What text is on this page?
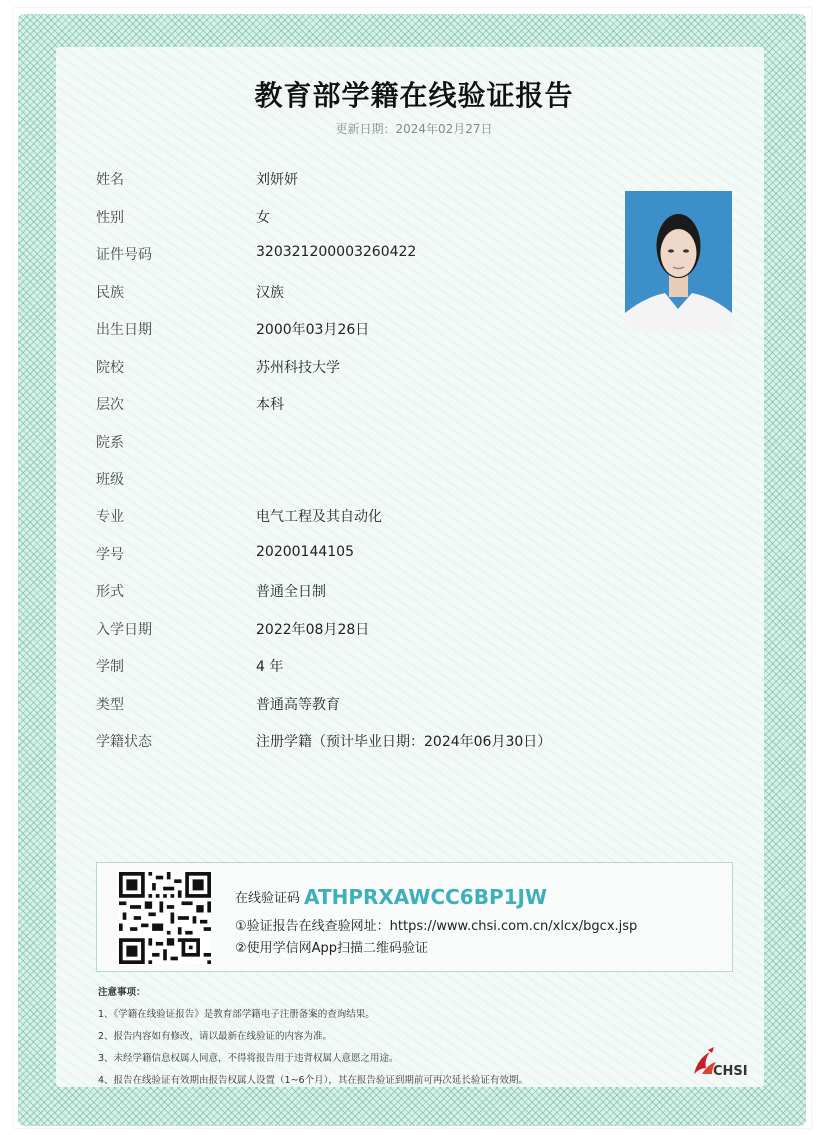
教育部学籍在线验证报告
更新日期：2024年02月27日
姓名	刘妍妍
性别	女
证件号码	320321200003260422
民族	汉族
出生日期	2000年03月26日
院校	苏州科技大学
层次	本科
院系
班级
专业	电气工程及其自动化
学号	20200144105
形式	普通全日制
入学日期	2022年08月28日
学制	4 年
类型	普通高等教育
学籍状态	注册学籍（预计毕业日期：2024年06月30日）
在线验证码 ATHPRXAWCC6BP1JW
①验证报告在线查验网址：https://www.chsi.com.cn/xlcx/bgcx.jsp
②使用学信网App扫描二维码验证
注意事项：
1、《学籍在线验证报告》是教育部学籍电子注册备案的查询结果。
2、报告内容如有修改，请以最新在线验证的内容为准。
3、未经学籍信息权属人同意，不得将报告用于违背权属人意愿之用途。
4、报告在线验证有效期由报告权属人设置（1~6个月），其在报告验证到期前可再次延长验证有效期。
CHSI
